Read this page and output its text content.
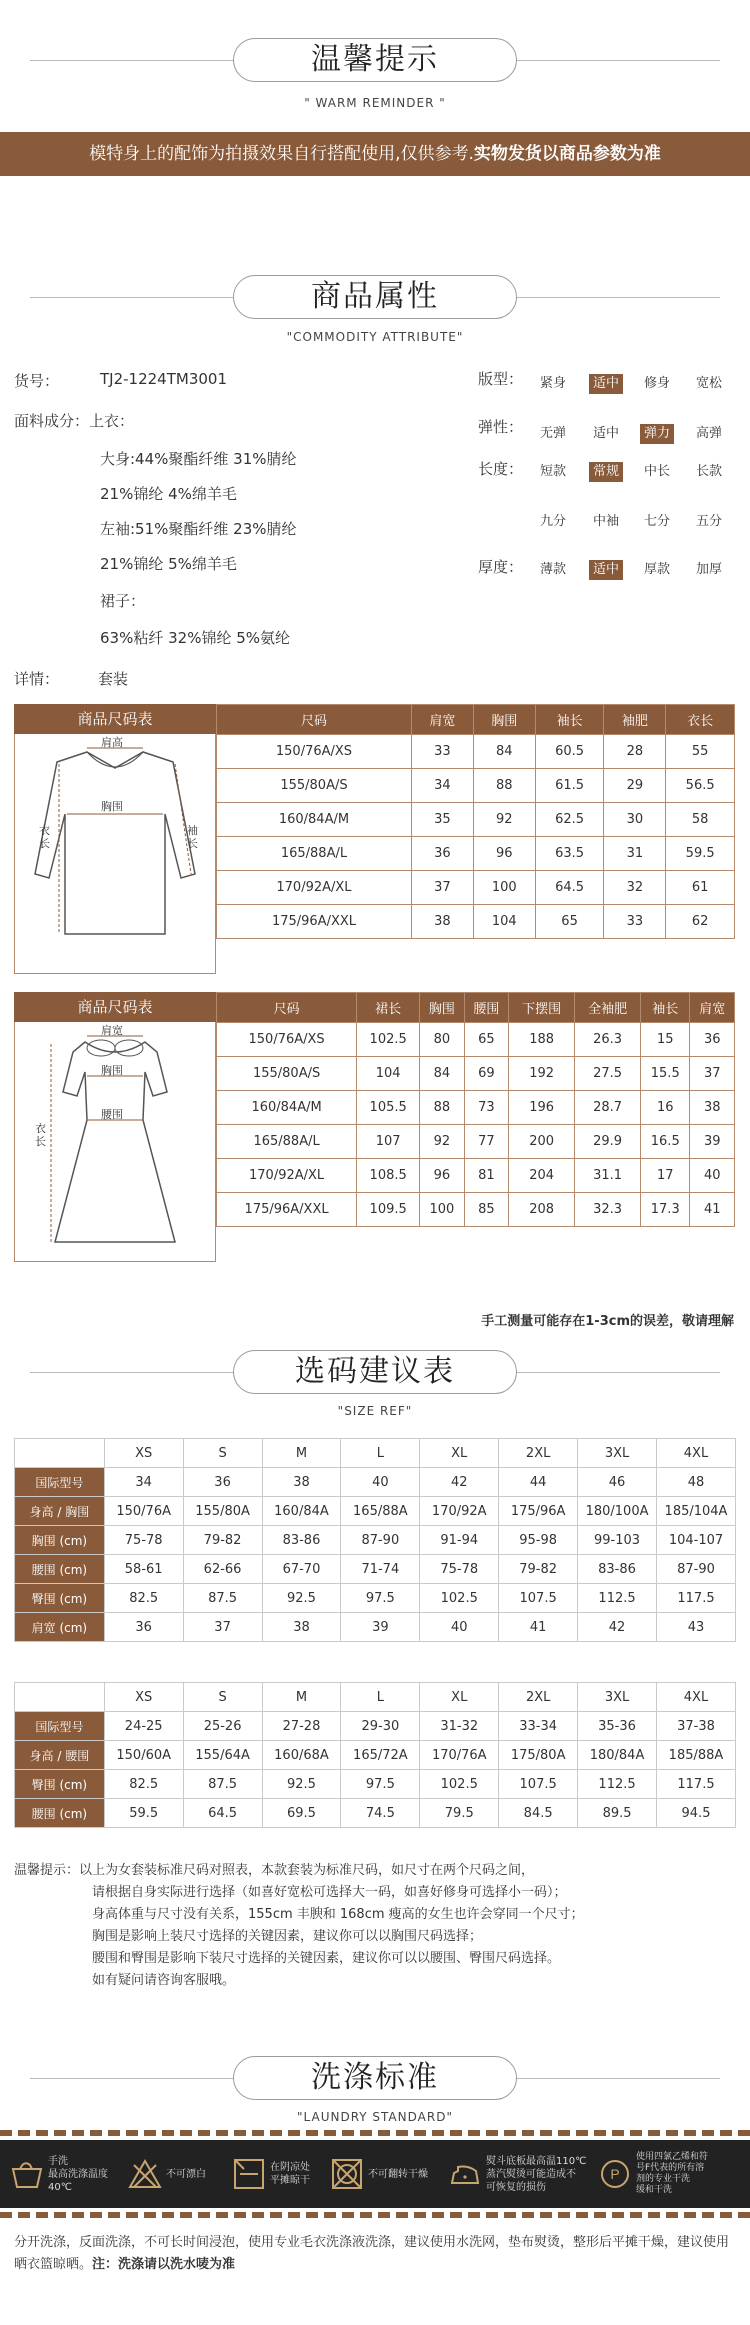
温馨提示
" WARM REMINDER "
模特身上的配饰为拍摄效果自行搭配使用,仅供参考.实物发货以商品参数为准
商品属性
"COMMODITY ATTRIBUTE"
货号：	TJ2-1224TM3001
面料成分：上衣：
大身:44%聚酯纤维 31%腈纶
21%锦纶 4%绵羊毛
左袖:51%聚酯纤维 23%腈纶
21%锦纶 5%绵羊毛
裙子：
63%粘纤 32%锦纶 5%氨纶
详情：	套装
版型：	紧身	适中	修身	宽松
弹性：	无弹	适中	弹力	高弹
长度：	短款	常规	中长	长款
九分	中袖	七分	五分
厚度：	薄款	适中	厚款	加厚
商品尺码表
肩高
胸围
衣长
袖长
尺码	肩宽	胸围	袖长	袖肥	衣长
150/76A/XS	33	84	60.5	28	55
155/80A/S	34	88	61.5	29	56.5
160/84A/M	35	92	62.5	30	58
165/88A/L	36	96	63.5	31	59.5
170/92A/XL	37	100	64.5	32	61
175/96A/XXL	38	104	65	33	62
商品尺码表
肩宽
胸围
腰围
衣长
尺码	裙长	胸围	腰围	下摆围	全袖肥	袖长	肩宽
150/76A/XS	102.5	80	65	188	26.3	15	36
155/80A/S	104	84	69	192	27.5	15.5	37
160/84A/M	105.5	88	73	196	28.7	16	38
165/88A/L	107	92	77	200	29.9	16.5	39
170/92A/XL	108.5	96	81	204	31.1	17	40
175/96A/XXL	109.5	100	85	208	32.3	17.3	41
手工测量可能存在1-3cm的误差，敬请理解
选码建议表
"SIZE REF"
上装尺码	XS	S	M	L	XL	2XL	3XL	4XL
国际型号	34	36	38	40	42	44	46	48
身高 / 胸围	150/76A	155/80A	160/84A	165/88A	170/92A	175/96A	180/100A	185/104A
胸围 (cm)	75-78	79-82	83-86	87-90	91-94	95-98	99-103	104-107
腰围 (cm)	58-61	62-66	67-70	71-74	75-78	79-82	83-86	87-90
臀围 (cm)	82.5	87.5	92.5	97.5	102.5	107.5	112.5	117.5
肩宽 (cm)	36	37	38	39	40	41	42	43
下装尺码	XS	S	M	L	XL	2XL	3XL	4XL
国际型号	24-25	25-26	27-28	29-30	31-32	33-34	35-36	37-38
身高 / 腰围	150/60A	155/64A	160/68A	165/72A	170/76A	175/80A	180/84A	185/88A
臀围 (cm)	82.5	87.5	92.5	97.5	102.5	107.5	112.5	117.5
腰围 (cm)	59.5	64.5	69.5	74.5	79.5	84.5	89.5	94.5
温馨提示：以上为女套装标准尺码对照表，本款套装为标准尺码，如尺寸在两个尺码之间，
请根据自身实际进行选择（如喜好宽松可选择大一码，如喜好修身可选择小一码）；
身高体重与尺寸没有关系，155cm 丰腴和 168cm 瘦高的女生也许会穿同一个尺寸；
胸围是影响上装尺寸选择的关键因素，建议你可以以胸围尺码选择；
腰围和臀围是影响下装尺寸选择的关键因素，建议你可以以腰围、臀围尺码选择。
如有疑问请咨询客服哦。
洗涤标准
"LAUNDRY STANDARD"
手洗
最高洗涤温度
40℃
不可漂白
在阴凉处
平摊晾干
不可翻转干燥
熨斗底板最高温110℃
蒸汽熨烫可能造成不
可恢复的损伤
P
使用四氯乙烯和符
号F代表的所有溶
剂的专业干洗
缓和干洗
分开洗涤，反面洗涤，不可长时间浸泡，使用专业毛衣洗涤液洗涤，建议使用水洗网，垫布熨烫，整形后平摊干燥，建议使用晒衣篮晾晒。注：洗涤请以洗水唛为准
